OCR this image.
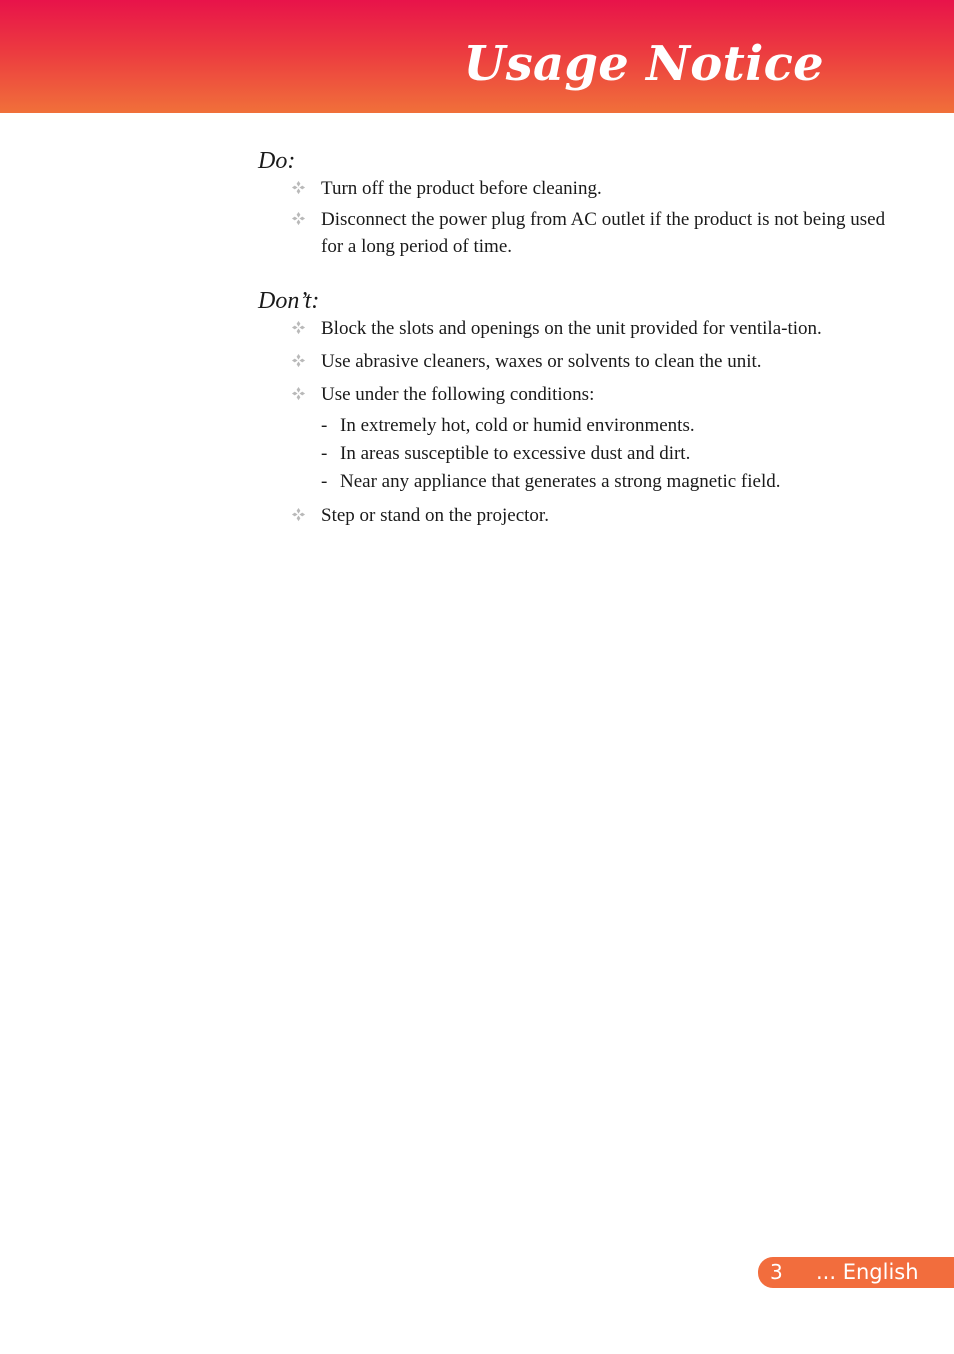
Usage Notice
Do:
Turn off the product before cleaning.
Disconnect the power plug from AC outlet if the product is not being used for a long period of time.
Don’t:
Block the slots and openings on the unit provided for ventila-tion.
Use abrasive cleaners, waxes or solvents to clean the unit.
Use under the following conditions:
- In extremely hot, cold or humid environments.
- In areas susceptible to excessive dust and dirt.
- Near any appliance that generates a strong magnetic field.
Step or stand on the projector.
3 ... English
